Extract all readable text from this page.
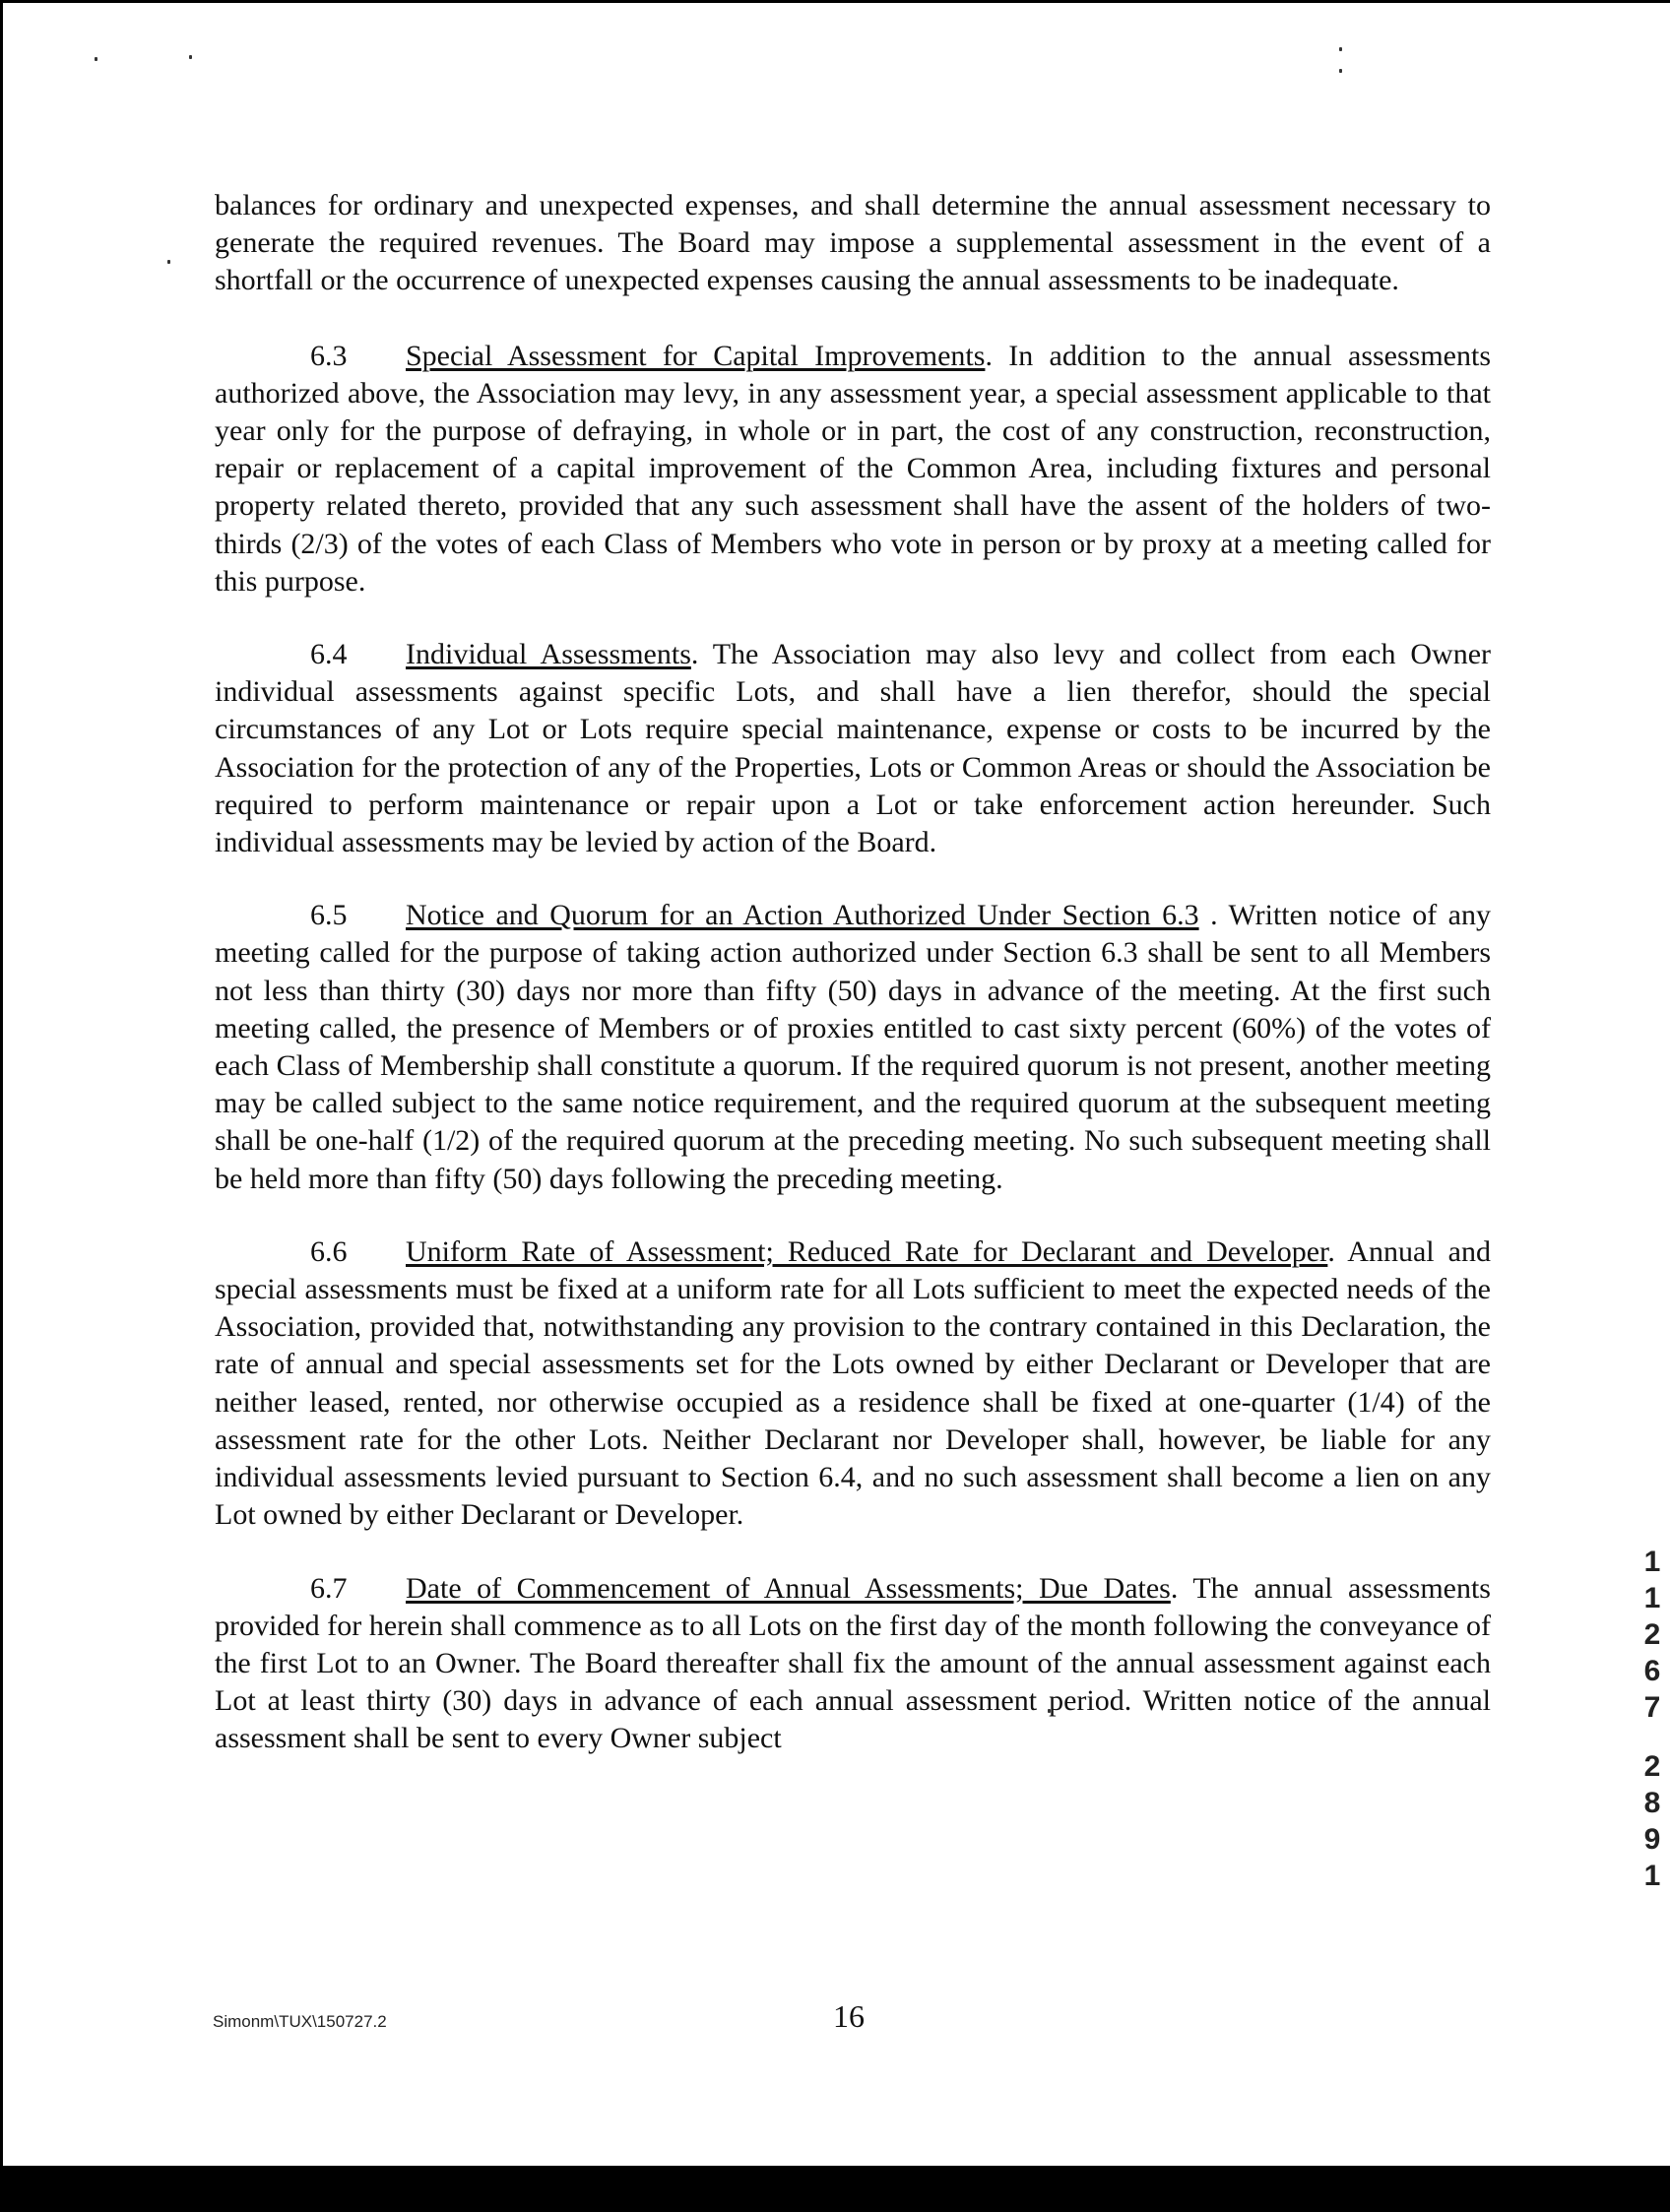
balances for ordinary and unexpected expenses, and shall determine the annual assessment necessary to generate the required revenues. The Board may impose a supplemental assessment in the event of a shortfall or the occurrence of unexpected expenses causing the annual assessments to be inadequate.

6.3 Special Assessment for Capital Improvements. In addition to the annual assessments authorized above, the Association may levy, in any assessment year, a special assessment applicable to that year only for the purpose of defraying, in whole or in part, the cost of any construction, reconstruction, repair or replacement of a capital improvement of the Common Area, including fixtures and personal property related thereto, provided that any such assessment shall have the assent of the holders of two-thirds (2/3) of the votes of each Class of Members who vote in person or by proxy at a meeting called for this purpose.

6.4 Individual Assessments. The Association may also levy and collect from each Owner individual assessments against specific Lots, and shall have a lien therefor, should the special circumstances of any Lot or Lots require special maintenance, expense or costs to be incurred by the Association for the protection of any of the Properties, Lots or Common Areas or should the Association be required to perform maintenance or repair upon a Lot or take enforcement action hereunder. Such individual assessments may be levied by action of the Board.

6.5 Notice and Quorum for an Action Authorized Under Section 6.3 . Written notice of any meeting called for the purpose of taking action authorized under Section 6.3 shall be sent to all Members not less than thirty (30) days nor more than fifty (50) days in advance of the meeting. At the first such meeting called, the presence of Members or of proxies entitled to cast sixty percent (60%) of the votes of each Class of Membership shall constitute a quorum. If the required quorum is not present, another meeting may be called subject to the same notice requirement, and the required quorum at the subsequent meeting shall be one-half (1/2) of the required quorum at the preceding meeting. No such subsequent meeting shall be held more than fifty (50) days following the preceding meeting.

6.6 Uniform Rate of Assessment; Reduced Rate for Declarant and Developer. Annual and special assessments must be fixed at a uniform rate for all Lots sufficient to meet the expected needs of the Association, provided that, notwithstanding any provision to the contrary contained in this Declaration, the rate of annual and special assessments set for the Lots owned by either Declarant or Developer that are neither leased, rented, nor otherwise occupied as a residence shall be fixed at one-quarter (1/4) of the assessment rate for the other Lots. Neither Declarant nor Developer shall, however, be liable for any individual assessments levied pursuant to Section 6.4, and no such assessment shall become a lien on any Lot owned by either Declarant or Developer.

6.7 Date of Commencement of Annual Assessments; Due Dates. The annual assessments provided for herein shall commence as to all Lots on the first day of the month following the conveyance of the first Lot to an Owner. The Board thereafter shall fix the amount of the annual assessment against each Lot at least thirty (30) days in advance of each annual assessment period. Written notice of the annual assessment shall be sent to every Owner subject

1
1
2
6
7
2
8
9
1
Simonm\TUX\150727.2	16
